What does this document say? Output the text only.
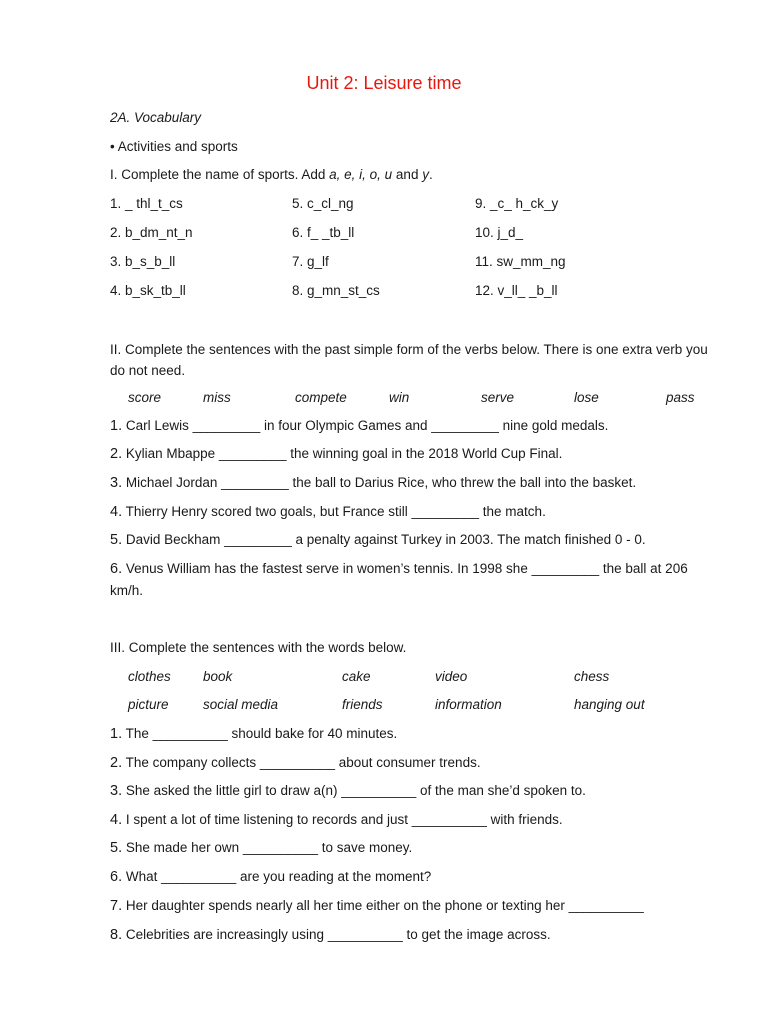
Unit 2: Leisure time
2A. Vocabulary
• Activities and sports
I. Complete the name of sports. Add a, e, i, o, u and y.
1. _ thl_t_cs	5. c_cl_ng	9. _c_ h_ck_y
2. b_dm_nt_n	6. f_ _tb_ll	10. j_d_
3. b_s_b_ll	7. g_lf	11. sw_mm_ng
4. b_sk_tb_ll	8. g_mn_st_cs	12. v_ll_ _b_ll
II. Complete the sentences with the past simple form of the verbs below. There is one extra verb you do not need.
score	miss	compete	win	serve	lose	pass
1. Carl Lewis _________ in four Olympic Games and _________ nine gold medals.
2. Kylian Mbappe _________ the winning goal in the 2018 World Cup Final.
3. Michael Jordan _________ the ball to Darius Rice, who threw the ball into the basket.
4. Thierry Henry scored two goals, but France still _________ the match.
5. David Beckham _________ a penalty against Turkey in 2003. The match finished 0 - 0.
6. Venus William has the fastest serve in women’s tennis. In 1998 she _________ the ball at 206 km/h.
III. Complete the sentences with the words below.
clothes book	cake	video	chess
picture	social media	friends	information	hanging out
1. The __________ should bake for 40 minutes.
2. The company collects __________ about consumer trends.
3. She asked the little girl to draw a(n) __________ of the man she’d spoken to.
4. I spent a lot of time listening to records and just __________ with friends.
5. She made her own __________ to save money.
6. What __________ are you reading at the moment?
7. Her daughter spends nearly all her time either on the phone or texting her __________
8. Celebrities are increasingly using __________ to get the image across.
